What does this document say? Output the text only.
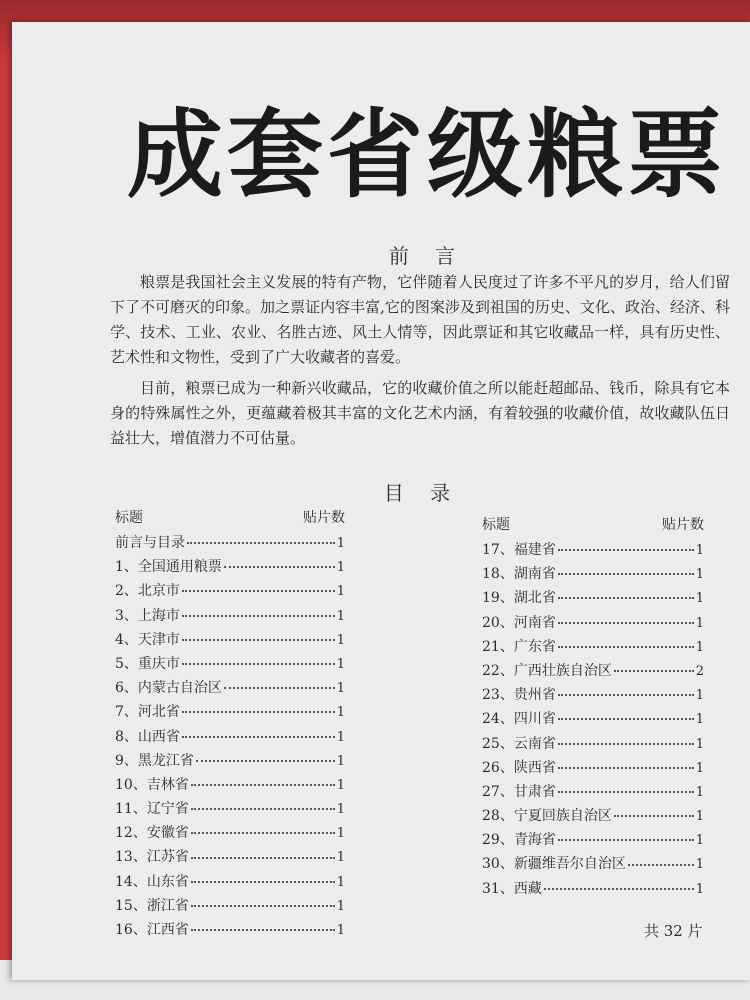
成套省级粮票
前 言

粮票是我国社会主义发展的特有产物，它伴随着人民度过了许多不平凡的岁月，给人们留下了不可磨灭的印象。加之票证内容丰富,它的图案涉及到祖国的历史、文化、政治、经济、科学、技术、工业、农业、名胜古迹、风土人情等，因此票证和其它收藏品一样，具有历史性、艺术性和文物性，受到了广大收藏者的喜爱。

目前，粮票已成为一种新兴收藏品，它的收藏价值之所以能赶超邮品、钱币，除具有它本身的特殊属性之外，更蕴藏着极其丰富的文化艺术内涵，有着较强的收藏价值，故收藏队伍日益壮大，增值潜力不可估量。

目 录
标题	贴片数
前言与目录	1
1、全国通用粮票	1
2、北京市	1
3、上海市	1
4、天津市	1
5、重庆市	1
6、内蒙古自治区	1
7、河北省	1
8、山西省	1
9、黑龙江省	1
10、吉林省	1
11、辽宁省	1
12、安徽省	1
13、江苏省	1
14、山东省	1
15、浙江省	1
16、江西省	1
标题	贴片数
17、福建省	1
18、湖南省	1
19、湖北省	1
20、河南省	1
21、广东省	1
22、广西壮族自治区	2
23、贵州省	1
24、四川省	1
25、云南省	1
26、陕西省	1
27、甘肃省	1
28、宁夏回族自治区	1
29、青海省	1
30、新疆维吾尔自治区	1
31、西藏	1
共 32 片
